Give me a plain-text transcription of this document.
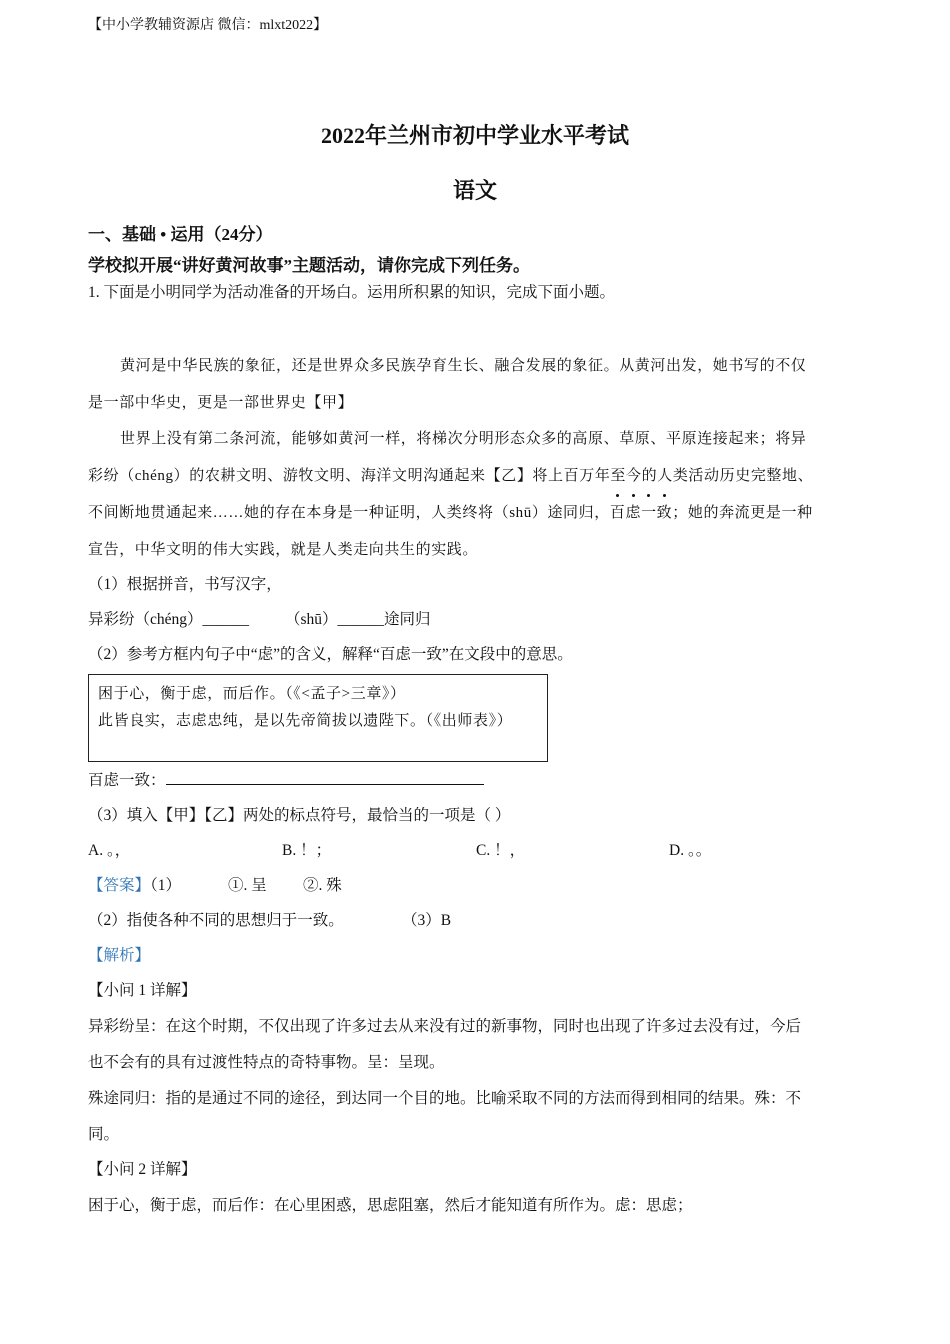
【中小学教辅资源店 微信：mlxt2022】
2022年兰州市初中学业水平考试
语文
一、基础 • 运用（24分）
学校拟开展“讲好黄河故事”主题活动，请你完成下列任务。
1. 下面是小明同学为活动准备的开场白。运用所积累的知识，完成下面小题。
黄河是中华民族的象征，还是世界众多民族孕育生长、融合发展的象征。从黄河出发，她书写的不仅
是一部中华史，更是一部世界史【甲】
世界上没有第二条河流，能够如黄河一样，将梯次分明形态众多的高原、草原、平原连接起来；将异
彩纷（chéng）的农耕文明、游牧文明、海洋文明沟通起来【乙】将上百万年至今的人类活动历史完整地、
不间断地贯通起来……她的存在本身是一种证明，人类终将（shū）途同归，百虑一致；她的奔流更是一种
宣告，中华文明的伟大实践，就是人类走向共生的实践。
（1）根据拼音，书写汉字，
异彩纷（chéng）______ （shū）______途同归
（2）参考方框内句子中“虑”的含义，解释“百虑一致”在文段中的意思。
困于心，衡于虑，而后作。（《<孟子>三章》）
此皆良实，志虑忠纯，是以先帝简拔以遗陛下。（《出师表》）
百虑一致：
（3）填入【甲】【乙】两处的标点符号，最恰当的一项是（ ）
A. 。，	B. ！；	C. ！，	D. 。。
【答案】（1）	①. 呈 ②. 殊
（2）指使各种不同的思想归于一致。	（3）B
【解析】
【小问 1 详解】
异彩纷呈：在这个时期，不仅出现了许多过去从来没有过的新事物，同时也出现了许多过去没有过，今后
也不会有的具有过渡性特点的奇特事物。呈：呈现。
殊途同归：指的是通过不同的途径，到达同一个目的地。比喻采取不同的方法而得到相同的结果。殊：不
同。
【小问 2 详解】
困于心，衡于虑，而后作：在心里困惑，思虑阻塞，然后才能知道有所作为。虑：思虑；
